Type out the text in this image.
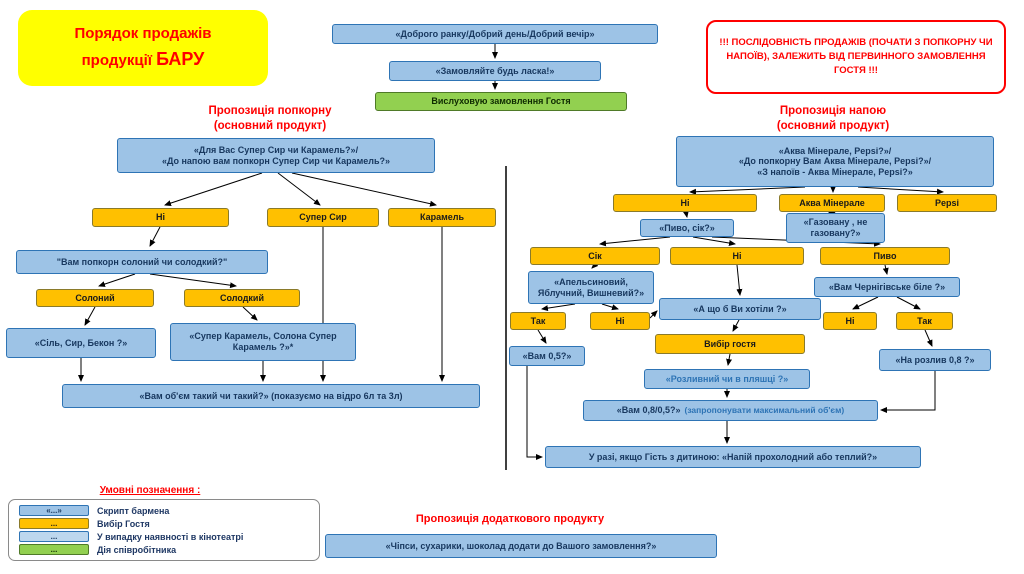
Порядок продажів
продукції БАРУ
!!! ПОСЛІДОВНІСТЬ ПРОДАЖІВ (ПОЧАТИ З ПОПКОРНУ ЧИ НАПОЇВ), ЗАЛЕЖИТЬ ВІД ПЕРВИННОГО ЗАМОВЛЕННЯ ГОСТЯ !!!
«Доброго ранку/Добрий день/Добрий вечір»
«Замовляйте будь ласка!»
Вислуховую замовлення Гостя
Пропозиція попкорну
(основний продукт)
«Для Вас Супер Сир чи Карамель?»/
«До напою вам попкорн Супер Сир чи Карамель?»
Ні	Супер Сир	Карамель
"Вам попкорн солоний чи солодкий?"
Солоний	Солодкий
«Сіль, Сир, Бекон ?»
«Супер Карамель, Солона Супер Карамель ?»*
«Вам об'єм такий чи такий?» (показуємо на відро 6л та 3л)
Пропозиція напою
(основний продукт)
«Аква Мінерале, Pepsi?»/
«До попкорну Вам Аква Мінерале, Pepsi?»/
«З напоїв - Аква Мінерале, Pepsi?»
Ні	Аква Мінерале	Pepsi
«Пиво, сік?»
«Газовану , не газовану?»
Сік	Ні	Пиво
«Апельсиновий, Яблучний, Вишневий?»
«Вам Чернігівське біле ?»
Так	Ні
«А що б Ви хотіли ?»
Ні	Так
«Вам 0,5?»
Вибір гостя
«На розлив 0,8 ?»
«Розливний чи в пляшці ?»
«Вам 0,8/0,5?» (запропонувати максимальний об'єм)
У разі, якщо Гість з дитиною: «Напій прохолодний або теплий?»
Умовні позначення :
«...»	Скрипт бармена
...	Вибір Гостя
...	У випадку наявності в кінотеатрі
...	Дія співробітника
Пропозиція додаткового продукту
«Чіпси, сухарики, шоколад додати до Вашого замовлення?»
